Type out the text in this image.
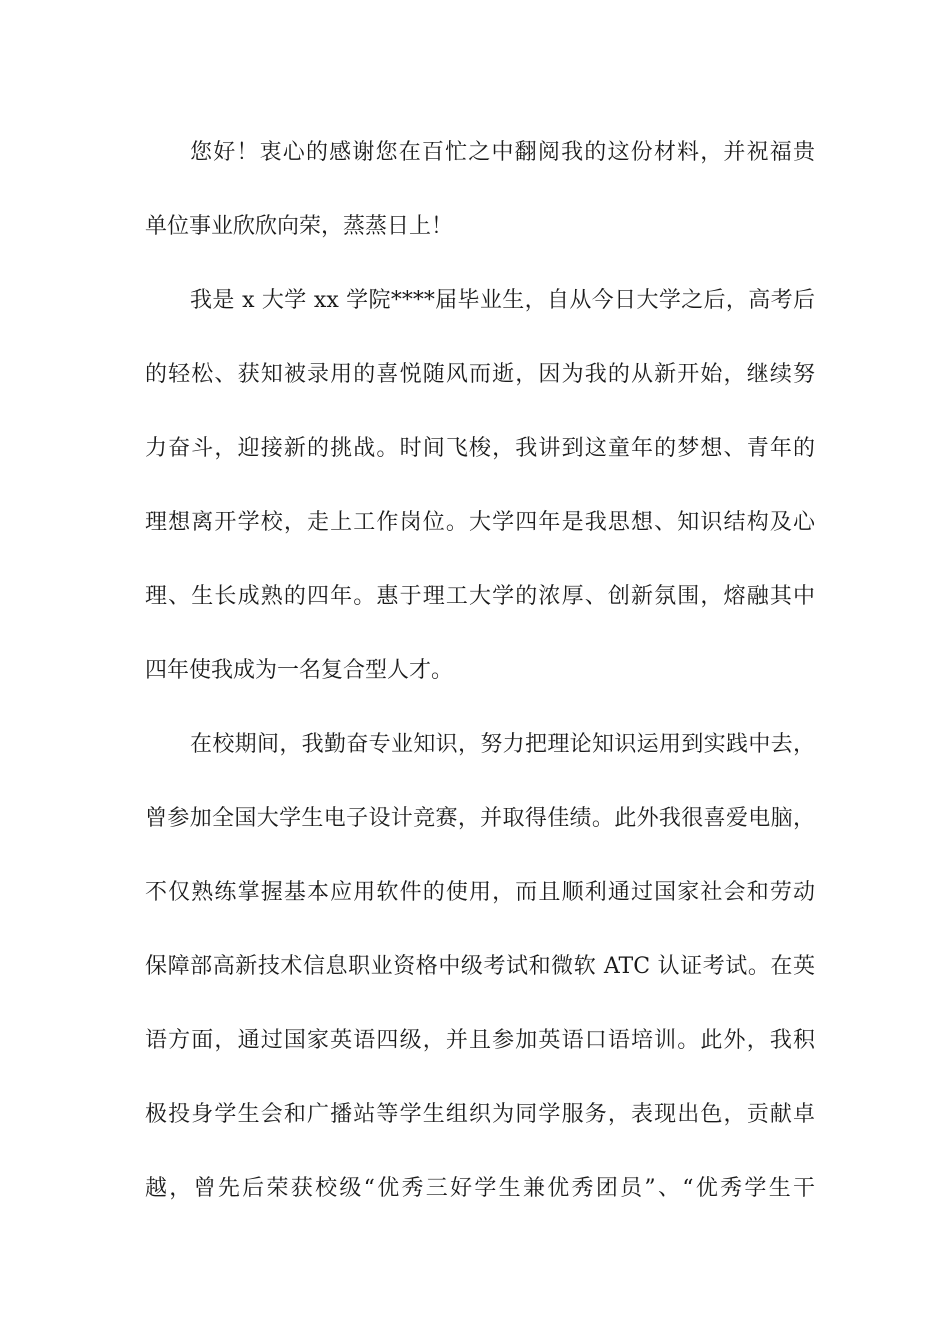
您好！衷心的感谢您在百忙之中翻阅我的这份材料，并祝福贵
单位事业欣欣向荣，蒸蒸日上！
我是 x 大学 xx 学院****届毕业生，自从今日大学之后，高考后
的轻松、获知被录用的喜悦随风而逝，因为我的从新开始，继续努
力奋斗，迎接新的挑战。时间飞梭，我讲到这童年的梦想、青年的
理想离开学校，走上工作岗位。大学四年是我思想、知识结构及心
理、生长成熟的四年。惠于理工大学的浓厚、创新氛围，熔融其中
四年使我成为一名复合型人才。
在校期间，我勤奋专业知识，努力把理论知识运用到实践中去，
曾参加全国大学生电子设计竞赛，并取得佳绩。此外我很喜爱电脑，
不仅熟练掌握基本应用软件的使用，而且顺利通过国家社会和劳动
保障部高新技术信息职业资格中级考试和微软 ATC 认证考试。在英
语方面，通过国家英语四级，并且参加英语口语培训。此外，我积
极投身学生会和广播站等学生组织为同学服务，表现出色，贡献卓
越，曾先后荣获校级“优秀三好学生兼优秀团员”、“优秀学生干
